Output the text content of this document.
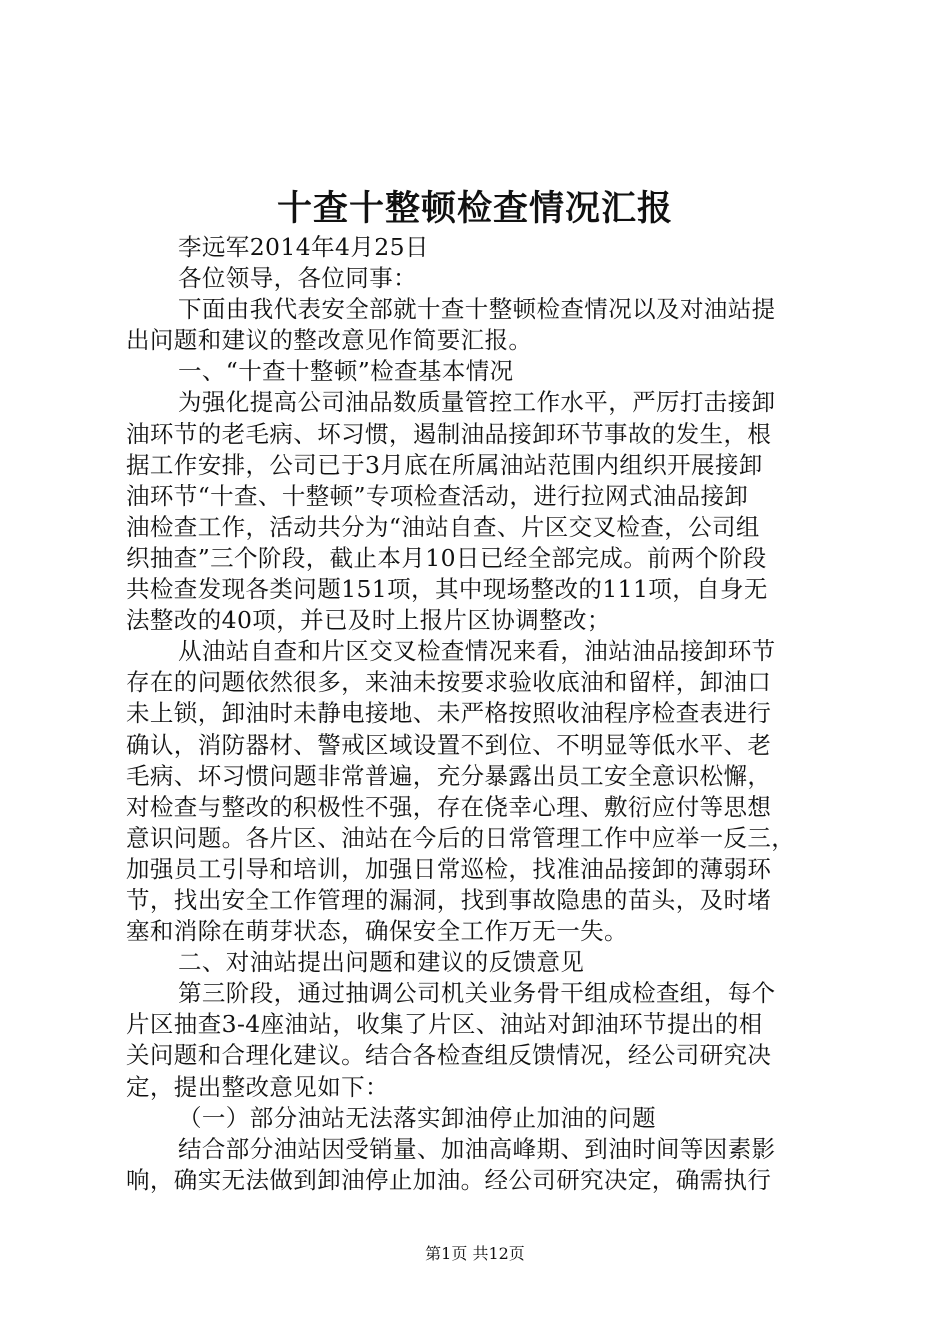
十查十整顿检查情况汇报
李远军2014年4月25日
各位领导，各位同事：
下面由我代表安全部就十查十整顿检查情况以及对油站提
出问题和建议的整改意见作简要汇报。
一、“十查十整顿”检查基本情况
为强化提高公司油品数质量管控工作水平，严厉打击接卸
油环节的老毛病、坏习惯，遏制油品接卸环节事故的发生，根
据工作安排，公司已于3月底在所属油站范围内组织开展接卸
油环节“十查、十整顿”专项检查活动，进行拉网式油品接卸
油检查工作，活动共分为“油站自查、片区交叉检查，公司组
织抽查”三个阶段，截止本月10日已经全部完成。前两个阶段
共检查发现各类问题151项，其中现场整改的111项，自身无
法整改的40项，并已及时上报片区协调整改；
从油站自查和片区交叉检查情况来看，油站油品接卸环节
存在的问题依然很多，来油未按要求验收底油和留样，卸油口
未上锁，卸油时未静电接地、未严格按照收油程序检查表进行
确认，消防器材、警戒区域设置不到位、不明显等低水平、老
毛病、坏习惯问题非常普遍，充分暴露出员工安全意识松懈，
对检查与整改的积极性不强，存在侥幸心理、敷衍应付等思想
意识问题。各片区、油站在今后的日常管理工作中应举一反三，
加强员工引导和培训，加强日常巡检，找准油品接卸的薄弱环
节，找出安全工作管理的漏洞，找到事故隐患的苗头，及时堵
塞和消除在萌芽状态，确保安全工作万无一失。
二、对油站提出问题和建议的反馈意见
第三阶段，通过抽调公司机关业务骨干组成检查组，每个
片区抽查3-4座油站，收集了片区、油站对卸油环节提出的相
关问题和合理化建议。结合各检查组反馈情况，经公司研究决
定，提出整改意见如下：
（一）部分油站无法落实卸油停止加油的问题
结合部分油站因受销量、加油高峰期、到油时间等因素影
响，确实无法做到卸油停止加油。经公司研究决定，确需执行
第1页 共12页
